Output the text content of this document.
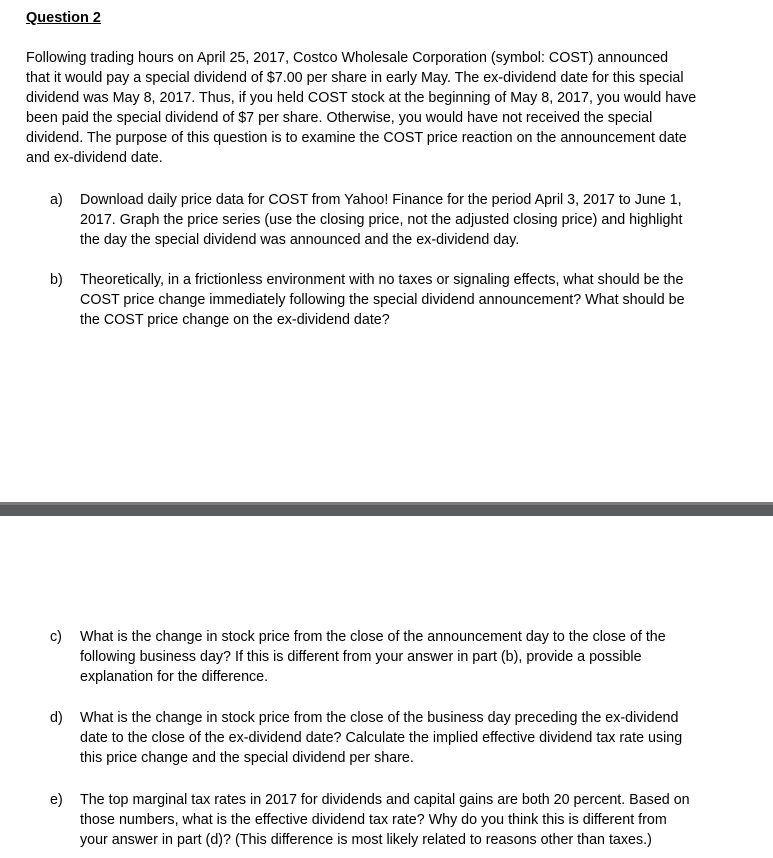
Question 2
Following trading hours on April 25, 2017, Costco Wholesale Corporation (symbol: COST) announced
that it would pay a special dividend of $7.00 per share in early May. The ex-dividend date for this special
dividend was May 8, 2017. Thus, if you held COST stock at the beginning of May 8, 2017, you would have
been paid the special dividend of $7 per share. Otherwise, you would have not received the special
dividend. The purpose of this question is to examine the COST price reaction on the announcement date
and ex-dividend date.
a) Download daily price data for COST from Yahoo! Finance for the period April 3, 2017 to June 1,
2017. Graph the price series (use the closing price, not the adjusted closing price) and highlight
the day the special dividend was announced and the ex-dividend day.
b) Theoretically, in a frictionless environment with no taxes or signaling effects, what should be the
COST price change immediately following the special dividend announcement? What should be
the COST price change on the ex-dividend date?
c) What is the change in stock price from the close of the announcement day to the close of the
following business day? If this is different from your answer in part (b), provide a possible
explanation for the difference.
d) What is the change in stock price from the close of the business day preceding the ex-dividend
date to the close of the ex-dividend date? Calculate the implied effective dividend tax rate using
this price change and the special dividend per share.
e) The top marginal tax rates in 2017 for dividends and capital gains are both 20 percent. Based on
those numbers, what is the effective dividend tax rate? Why do you think this is different from
your answer in part (d)? (This difference is most likely related to reasons other than taxes.)
